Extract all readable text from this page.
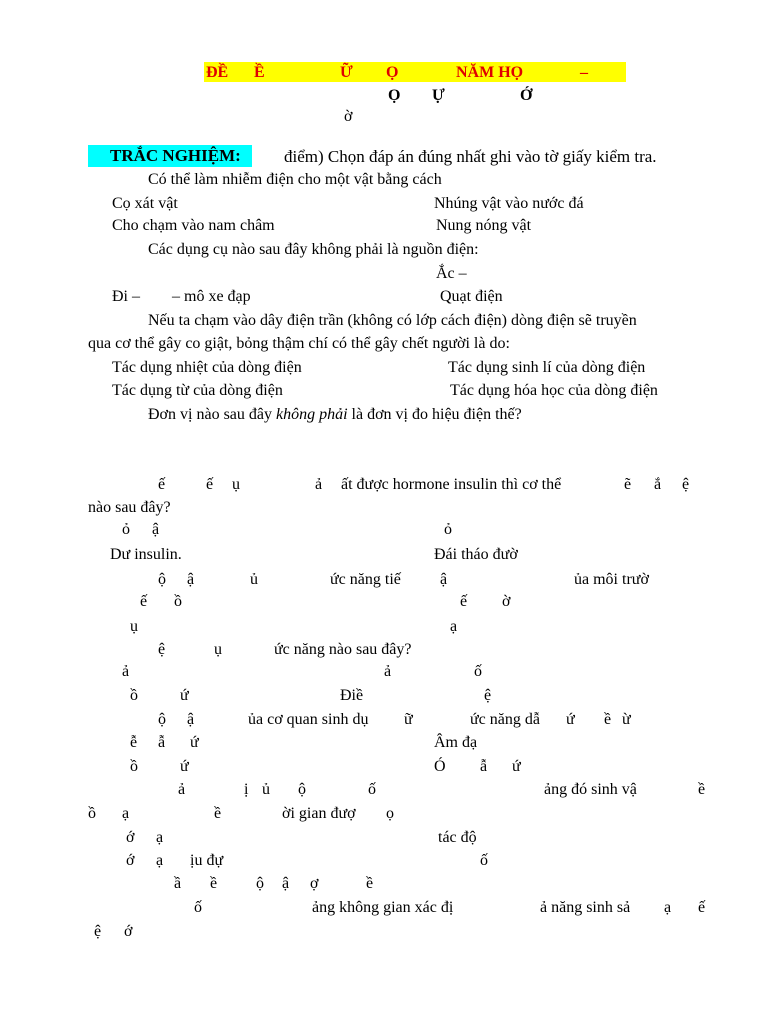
ĐỀ Ề	Ữ Ọ	NĂM HỌ	–
Ọ Ự	Ớ
ờ
TRẮC NGHIỆM:	điểm) Chọn đáp án đúng nhất ghi vào tờ giấy kiểm tra.
Có thể làm nhiễm điện cho một vật bằng cách
Cọ xát vật	Nhúng vật vào nước đá
Cho chạm vào nam châm	Nung nóng vật
Các dụng cụ nào sau đây không phải là nguồn điện:
Ắc –
Đi – – mô xe đạp	Quạt điện
Nếu ta chạm vào dây điện trần (không có lớp cách điện) dòng điện sẽ truyền
qua cơ thể gây co giật, bỏng thậm chí có thể gây chết người là do:
Tác dụng nhiệt của dòng điện	Tác dụng sinh lí của dòng điện
Tác dụng từ của dòng điện	Tác dụng hóa học của dòng điện
Đơn vị nào sau đây không phải là đơn vị đo hiệu điện thế?
ế	ế ụ	ả ất được hormone insulin thì cơ thể	ẽ ắ ệ
nào sau đây?
ỏ ậ	ỏ
Dư insulin.	Đái tháo đườ
ộ ậ	ủ	ức năng tiế ậ	ủa môi trườ
ế ồ	ế ờ
ụ	ạ
ệ	ụ	ức năng nào sau đây?
ả	ả	ố
ồ	ứ	Điề	ệ
ộ ậ	ủa cơ quan sinh dụ ữ	ức năng dẫ ứ ề ừ
ễ ẫ ứ	Âm đạ
ồ	ứ	Ó ẫ ứ
ả	ị ủ ộ	ố	ảng đó sinh vậ	ề
ồ ạ	ề	ời gian đượ ọ
ớ ạ	tác độ
ớ ạ ịu đự	ố
ầ ề ộ ậ ợ	ề
ố	ảng không gian xác đị	ả năng sinh sả ạ ế
ệ ớ
